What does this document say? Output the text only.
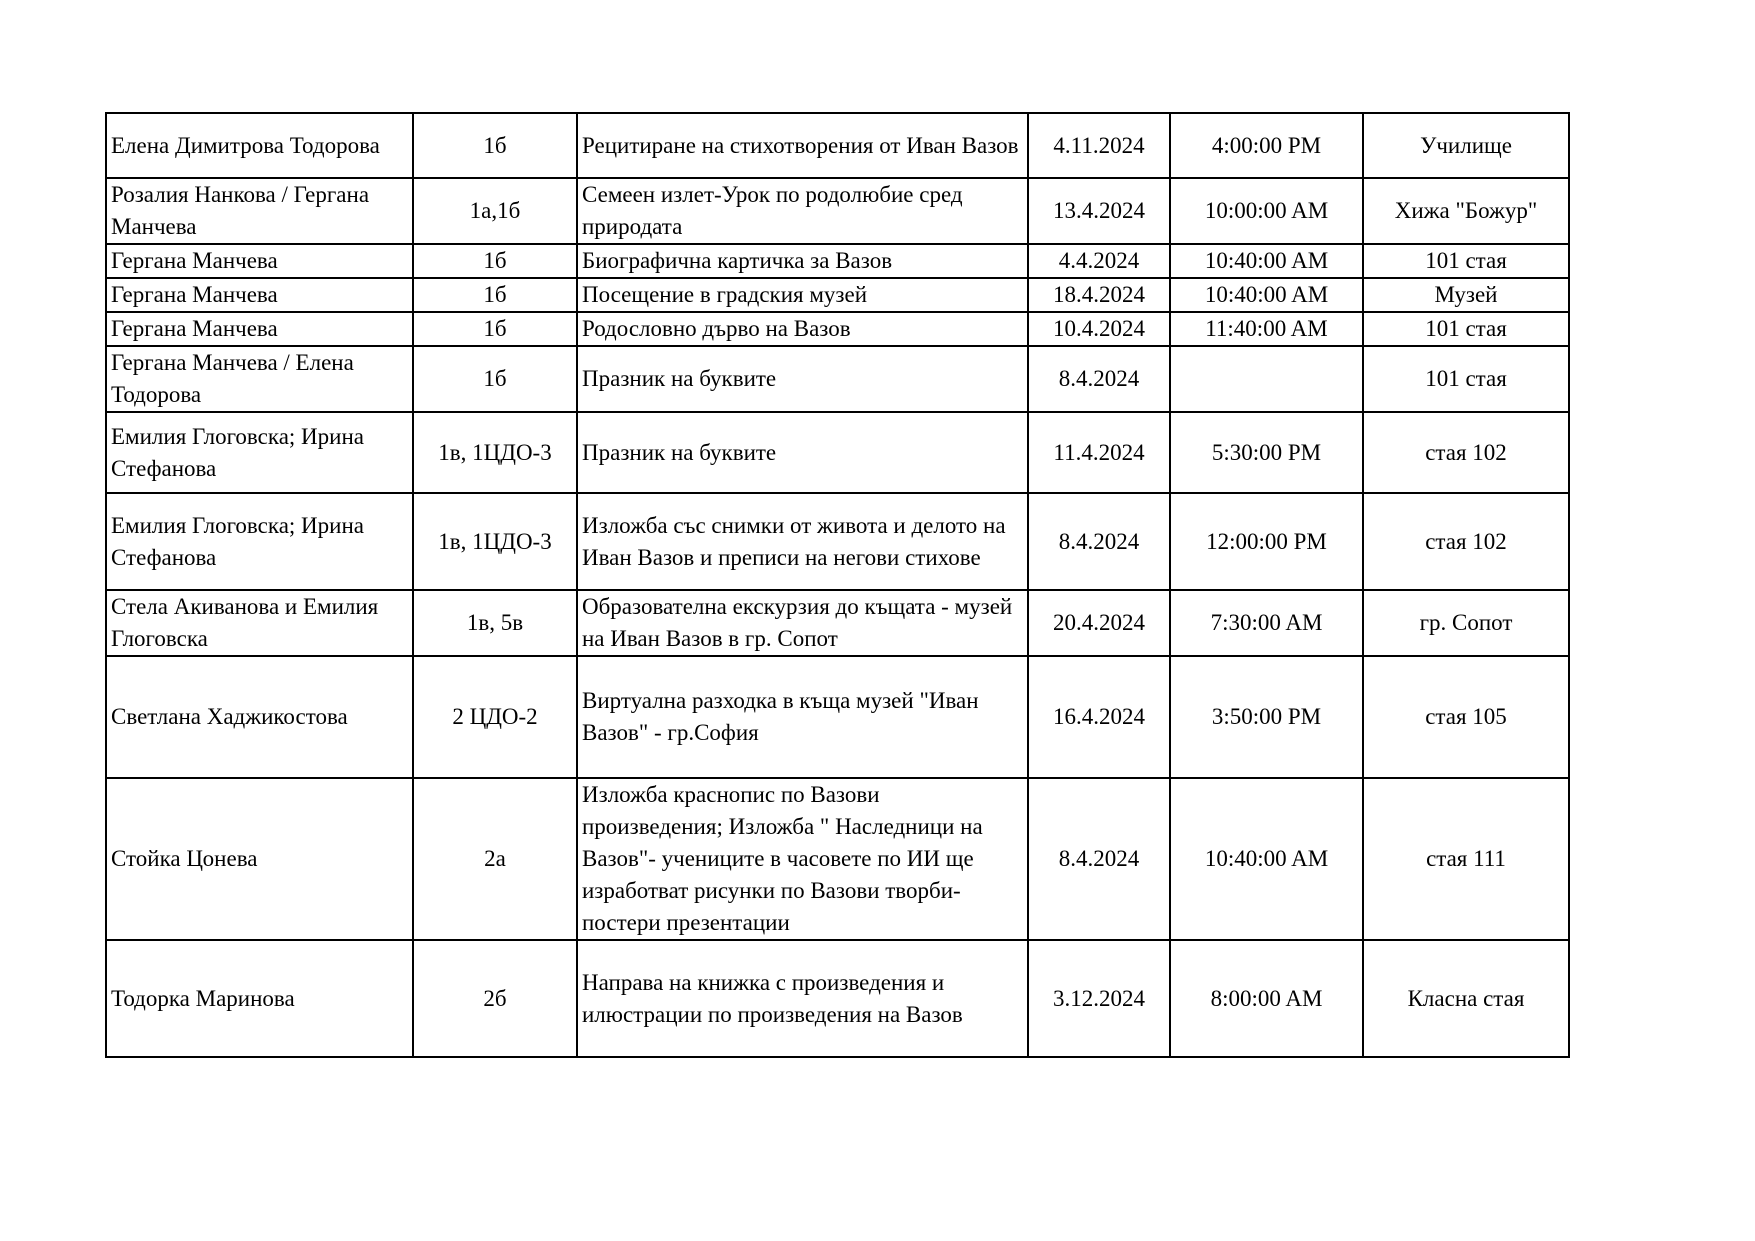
Елена Димитрова Тодорова	1б	Рецитиране на стихотворения от Иван Вазов	4.11.2024	4:00:00 PM	Училище
Розалия Нанкова / Гергана Манчева	1а,1б	Семеен излет-Урок по родолюбие сред природата	13.4.2024	10:00:00 AM	Хижа "Божур"
Гергана Манчева	1б	Биографична картичка за Вазов	4.4.2024	10:40:00 AM	101 стая
Гергана Манчева	1б	Посещение в градския музей	18.4.2024	10:40:00 AM	Музей
Гергана Манчева	1б	Родословно дърво на Вазов	10.4.2024	11:40:00 AM	101 стая
Гергана Манчева / Елена Тодорова	1б	Празник на буквите	8.4.2024		101 стая
Емилия Глоговска; Ирина Стефанова	1в, 1ЦДО-3	Празник на буквите	11.4.2024	5:30:00 PM	стая 102
Емилия Глоговска; Ирина Стефанова	1в, 1ЦДО-3	Изложба със снимки от живота и делото на Иван Вазов и преписи на негови стихове	8.4.2024	12:00:00 PM	стая 102
Стела Акиванова и Емилия Глоговска	1в, 5в	Образователна екскурзия до къщата - музей на Иван Вазов в гр. Сопот	20.4.2024	7:30:00 AM	гр. Сопот
Светлана Хаджикостова	2 ЦДО-2	Виртуална разходка в къща музей "Иван Вазов" - гр.София	16.4.2024	3:50:00 PM	стая 105
Стойка Цонева	2а	Изложба краснопис по Вазови произведения; Изложба " Наследници на Вазов"- учениците в часовете по ИИ ще изработват рисунки по Вазови творби- постери презентации	8.4.2024	10:40:00 AM	стая 111
Тодорка Маринова	2б	Направа на книжка с произведения и илюстрации по произведения на Вазов	3.12.2024	8:00:00 AM	Класна стая
